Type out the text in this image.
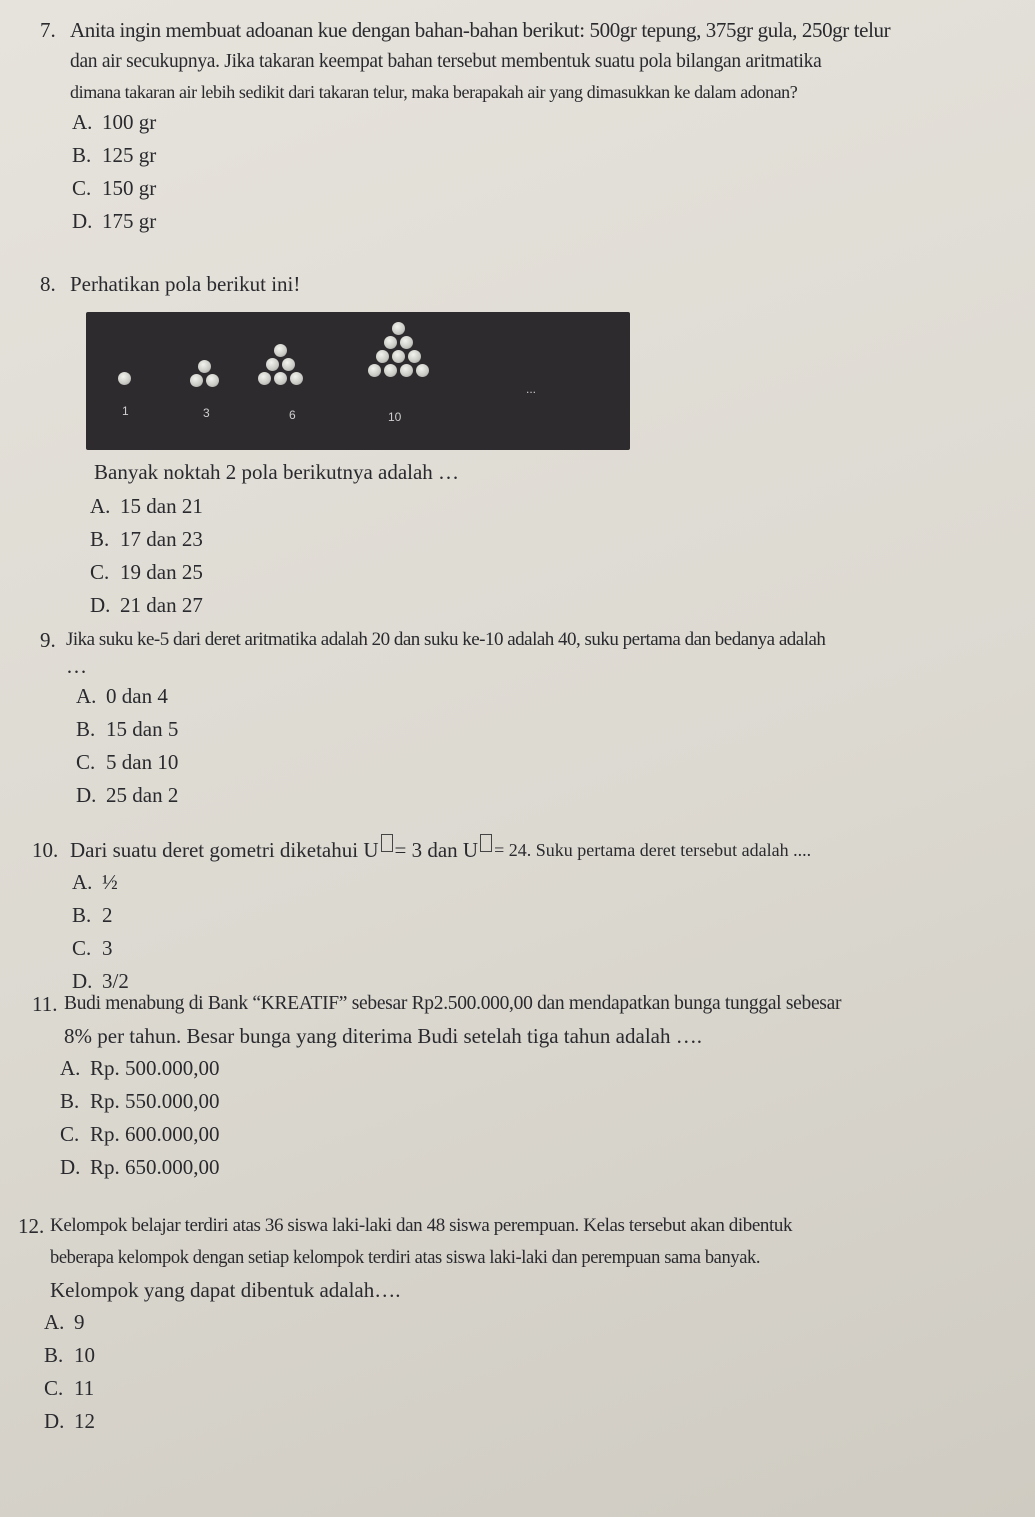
7. Anita ingin membuat adoanan kue dengan bahan-bahan berikut: 500gr tepung, 375gr gula, 250gr telur

dan air secukupnya. Jika takaran keempat bahan tersebut membentuk suatu pola bilangan aritmatika

dimana takaran air lebih sedikit dari takaran telur, maka berapakah air yang dimasukkan ke dalam adonan?

A. 100 gr
B. 125 gr
C. 150 gr
D. 175 gr

8. Perhatikan pola berikut ini!

1	3	6	10
...

Banyak noktah 2 pola berikutnya adalah …

A. 15 dan 21
B. 17 dan 23
C. 19 dan 25
D. 21 dan 27

9. Jika suku ke-5 dari deret aritmatika adalah 20 dan suku ke-10 adalah 40, suku pertama dan bedanya adalah

…

A. 0 dan 4
B. 15 dan 5
C. 5 dan 10
D. 25 dan 2

10. Dari suatu deret gometri diketahui U = 3 dan U = 24. Suku pertama deret tersebut adalah ....

A. ½
B. 2
C. 3
D. 3/2

11. Budi menabung di Bank “KREATIF” sebesar Rp2.500.000,00 dan mendapatkan bunga tunggal sebesar

8% per tahun. Besar bunga yang diterima Budi setelah tiga tahun adalah ….

A. Rp. 500.000,00
B. Rp. 550.000,00
C. Rp. 600.000,00
D. Rp. 650.000,00

12. Kelompok belajar terdiri atas 36 siswa laki-laki dan 48 siswa perempuan. Kelas tersebut akan dibentuk

beberapa kelompok dengan setiap kelompok terdiri atas siswa laki-laki dan perempuan sama banyak.

Kelompok yang dapat dibentuk adalah….

A. 9
B. 10
C. 11
D. 12
